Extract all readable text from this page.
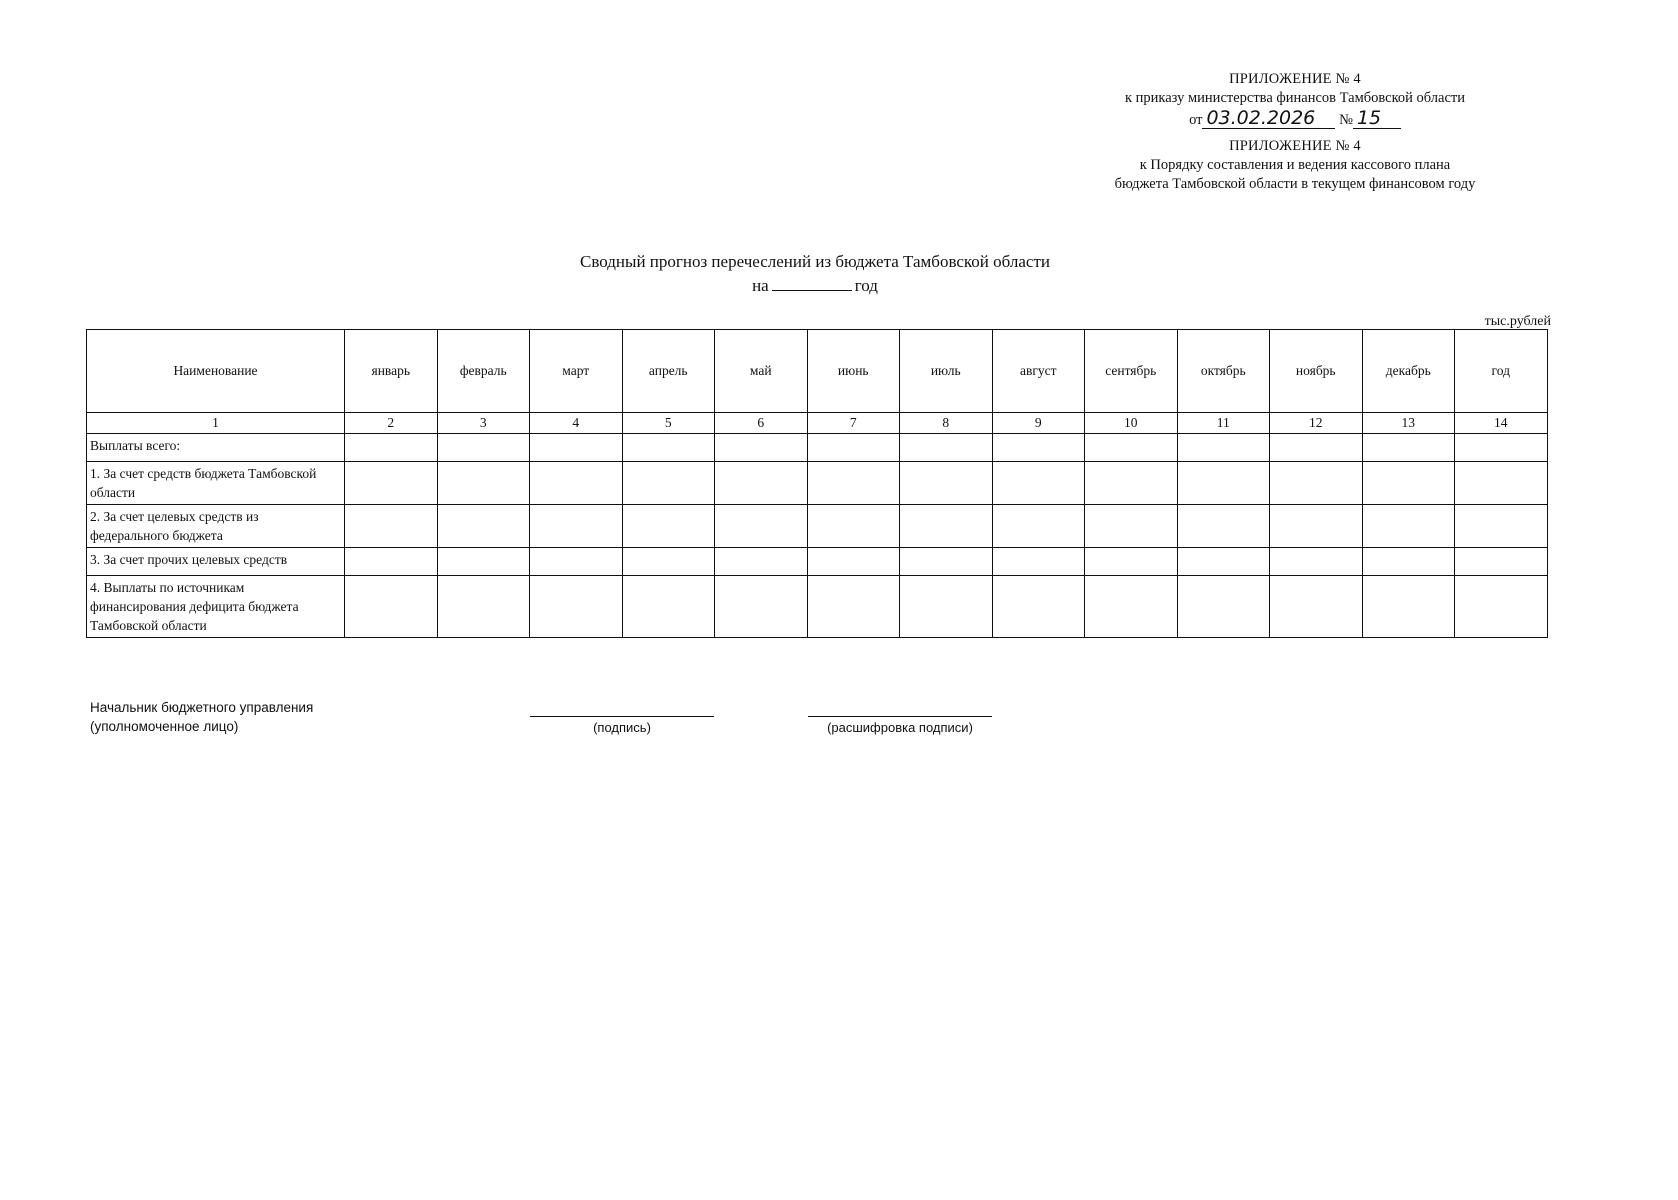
ПРИЛОЖЕНИЕ № 4
к приказу министерства финансов Тамбовской области
от 03.02.2026 № 15
ПРИЛОЖЕНИЕ № 4
к Порядку составления и ведения кассового плана
бюджета Тамбовской области в текущем финансовом году
Сводный прогноз перечеслений из бюджета Тамбовской области
на	год
тыс.рублей
Наименование	январь	февраль	март	апрель	май	июнь	июль	август	сентябрь	октябрь	ноябрь	декабрь	год
1	2	3	4	5	6	7	8	9	10	11	12	13	14
Выплаты всего:													
1. За счет средств бюджета Тамбовской области													
2. За счет целевых средств из федерального бюджета													
3. За счет прочих целевых средств													
4. Выплаты по источникам финансирования дефицита бюджета Тамбовской области													
Начальник бюджетного управления
(уполномоченное лицо)	(подпись)	(расшифровка подписи)
